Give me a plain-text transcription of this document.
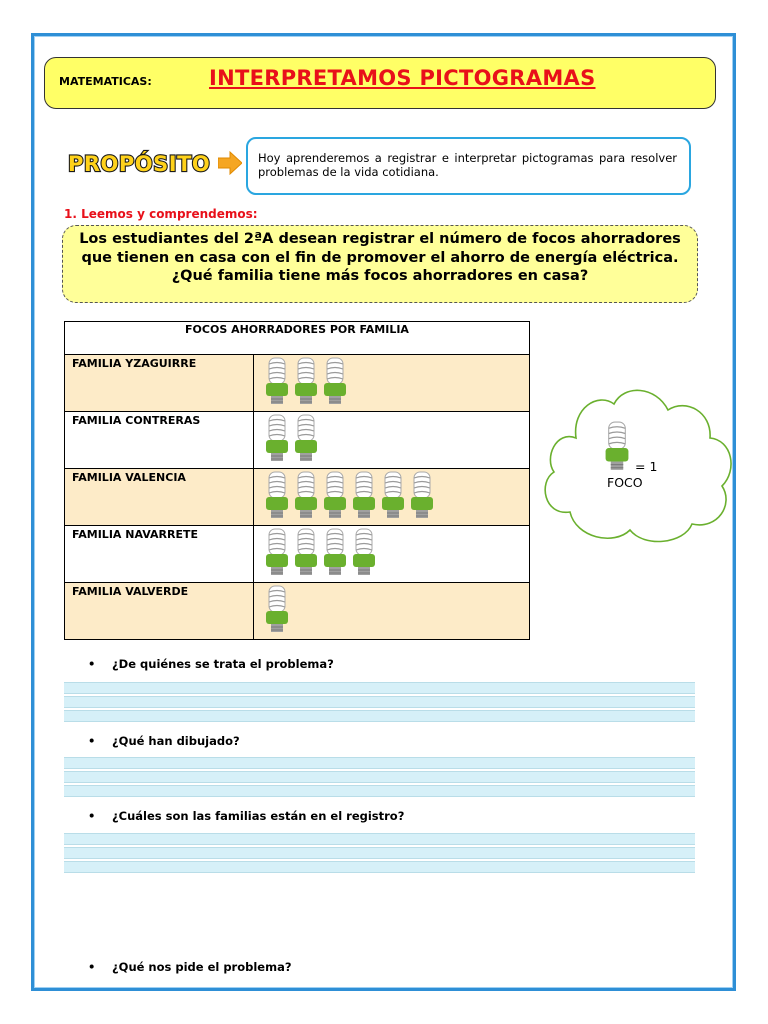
MATEMATICAS:	INTERPRETAMOS PICTOGRAMAS
PROPÓSITO	Hoy aprenderemos a registrar e interpretar pictogramas para resolver problemas de la vida cotidiana.
1. Leemos y comprendemos:
Los estudiantes del 2ªA desean registrar el número de focos ahorradores que tienen en casa con el fin de promover el ahorro de energía eléctrica. ¿Qué familia tiene más focos ahorradores en casa?
FOCOS AHORRADORES POR FAMILIA	
FAMILIA YZAGUIRRE	

FAMILIA CONTRERAS	

FAMILIA VALENCIA	

FAMILIA NAVARRETE	

FAMILIA VALVERDE	
= 1
FOCO
• ¿De quiénes se trata el problema?
• ¿Qué han dibujado?
• ¿Cuáles son las familias están en el registro?
• ¿Qué nos pide el problema?
